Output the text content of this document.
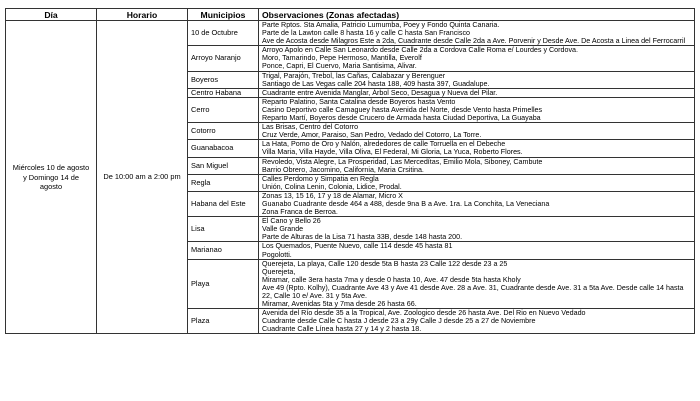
Día	Horario	Municipios	Observaciones (Zonas afectadas)
Miércoles 10 de agosto y Domingo 14 de agosto	De 10:00 am a 2:00 pm	10 de Octubre	Parte Rptos. Sta Amalia, Patricio Lumumba, Poey y Fondo Quinta Canaria.
Parte de la Lawton calle 8 hasta 16 y calle C hasta San Francisco
Ave de Acosta desde Milagros Este a 2da, Cuadrante desde Calle 2da a Ave. Porvenir y Desde Ave. De Acosta a Linea del Ferrocarril

		Arroyo Naranjo	Arroyo Apolo en Calle San Leonardo desde Calle 2da a Cordova Calle Roma e/ Lourdes y Cordova.
Moro, Tamarindo, Pepe Hermoso, Mantilla, Everolf
Ponce, Capri, El Cuervo, Maria Santisima, Alivar.

		Boyeros	Trigal, Parajón, Trebol, las Cañas, Calabazar y Berenguer
Santiago de Las Vegas calle 204 hasta 188, 409 hasta 397, Guadalupe.

		Centro Habana	Cuadrante entre Avenida Manglar, Árbol Seco, Desagua y Nueva del Pilar.

		Cerro	Reparto Palatino, Santa Catalina desde Boyeros hasta Vento
Casino Deportivo calle Camaguey hasta Avenida del Norte, desde Vento hasta Primelles
Reparto Martí, Boyeros desde Crucero de Armada hasta Ciudad Deportiva, La Guayaba

		Cotorro	Las Brisas, Centro del Cotorro
Cruz Verde, Amor, Paraiso, San Pedro, Vedado del Cotorro, La Torre.

		Guanabacoa	La Hata, Pomo de Oro y Nalón, alrededores de calle Torruella en el Debeche
Villa Maria, Villa Hayde, Villa Oliva, El Federal, Mi Gloria, La Yuca, Roberto Flores.

		San Miguel	Revoledo, Vista Alegre, La Prosperidad, Las Mercedítas, Emilio Mola, Siboney, Cambute
Barrio Obrero, Jacomino, California, Maria Crsitina.

		Regla	Calles Perdomo y Simpatia en Regla
Unión, Colina Lenin, Colonia, Lidice, Prodal.

		Habana del Este	Zonas 13, 15 16, 17 y 18 de Alamar, Micro X
Guanabo Cuadrante desde 464 a 488, desde 9na B a Ave. 1ra. La Conchita, La Veneciana
Zona Franca de Berroa.

		Lisa	El Cano y Bello 26
Valle Grande
Parte de Alturas de la Lisa 71 hasta 33B, desde 148 hasta 200.

		Marianao	Los Quemados, Puente Nuevo, calle 114 desde 45 hasta 81
Pogolotti.

		Playa	Querejeta, La playa, Calle 120 desde 5ta B hasta 23 Calle 122 desde 23 a 25
Querejeta,
Miramar, calle 3era hasta 7ma y desde 0 hasta 10, Ave. 47 desde 5ta hasta Kholy
Ave 49 (Rpto. Kolhy), Cuadrante Ave 43 y Ave 41 desde Ave. 28 a Ave. 31, Cuadrante desde Ave. 31 a 5ta Ave. Desde calle 14 hasta 22, Calle 10 e/ Ave. 31 y 5ta Ave.
Miramar, Avenidas 5ta y 7ma desde 26 hasta 66.

		Plaza	Avenida del Río desde 35 a la Tropical, Ave. Zoologico desde 26 hasta Ave. Del Rio en Nuevo Vedado
Cuadrante desde Calle C hasta J desde 23 a 29y Calle J desde 25 a 27 de Noviembre
Cuadrante Calle Línea hasta 27 y 14 y 2 hasta 18.
